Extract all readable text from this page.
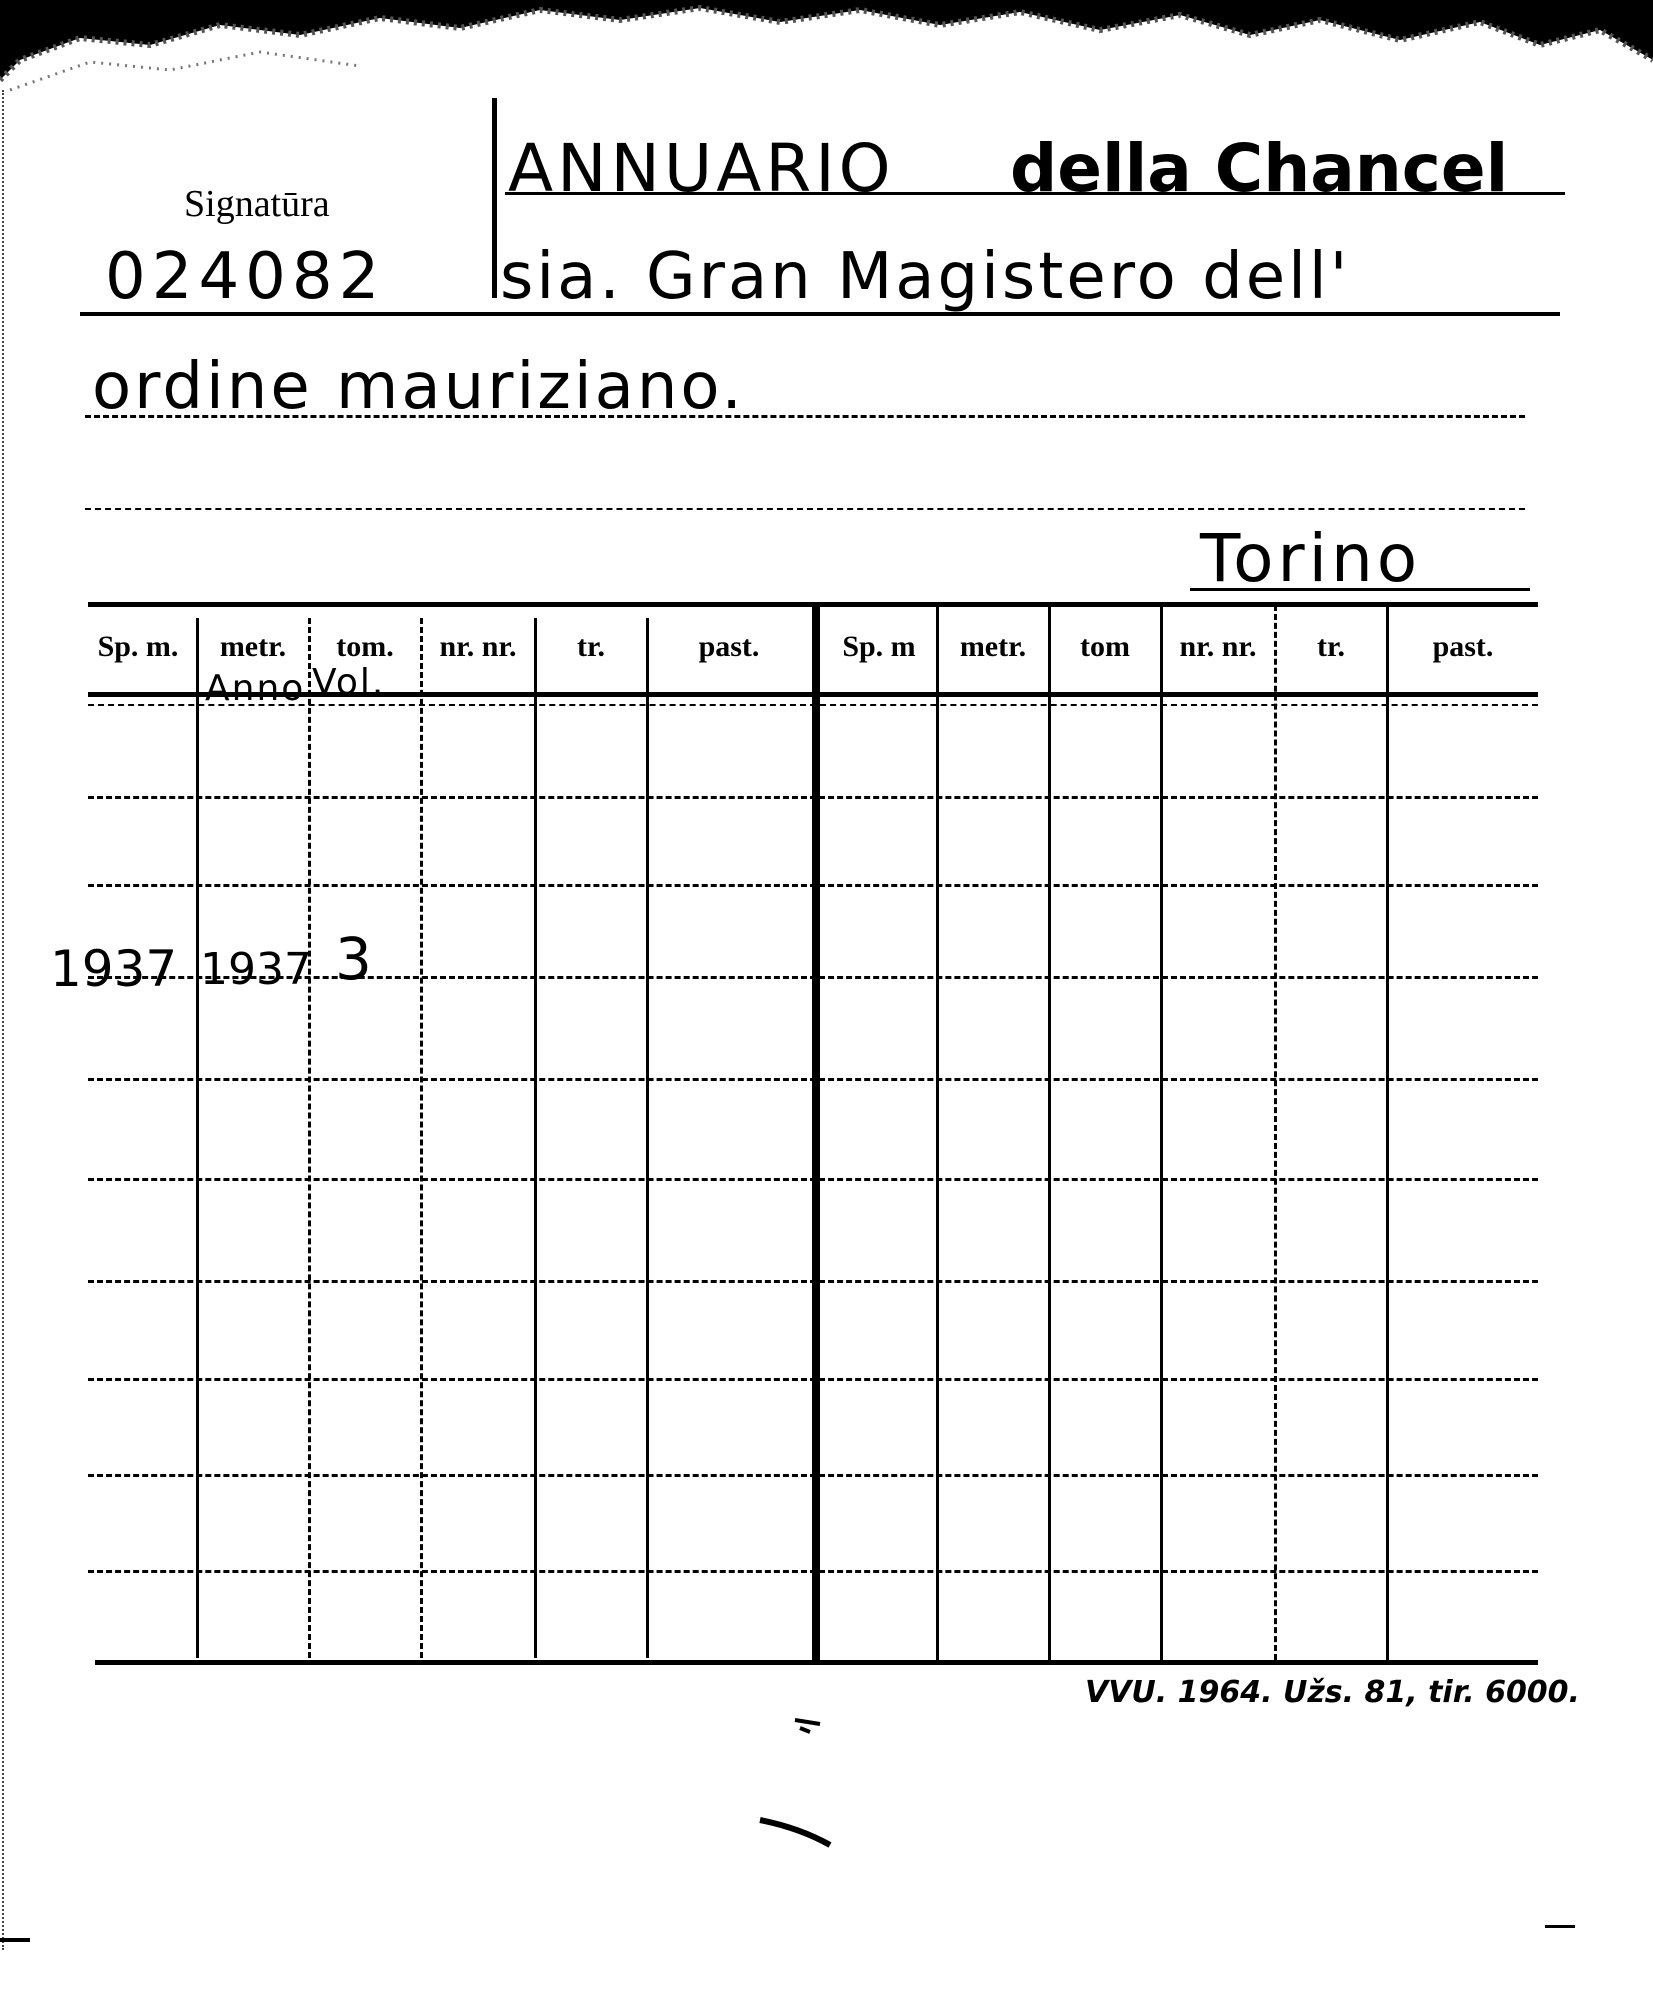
Signatūra
024082
ANNUARIO della Chancel
sia. Gran Magistero dell'
ordine mauriziano.
Torino
Sp. m.	metr.	tom.	nr. nr.	tr.	past.	Sp. m	metr.	tom	nr. nr.	tr.	past.
Anno Vol.
1937 1937 3
VVU. 1964. Užs. 81, tir. 6000.
